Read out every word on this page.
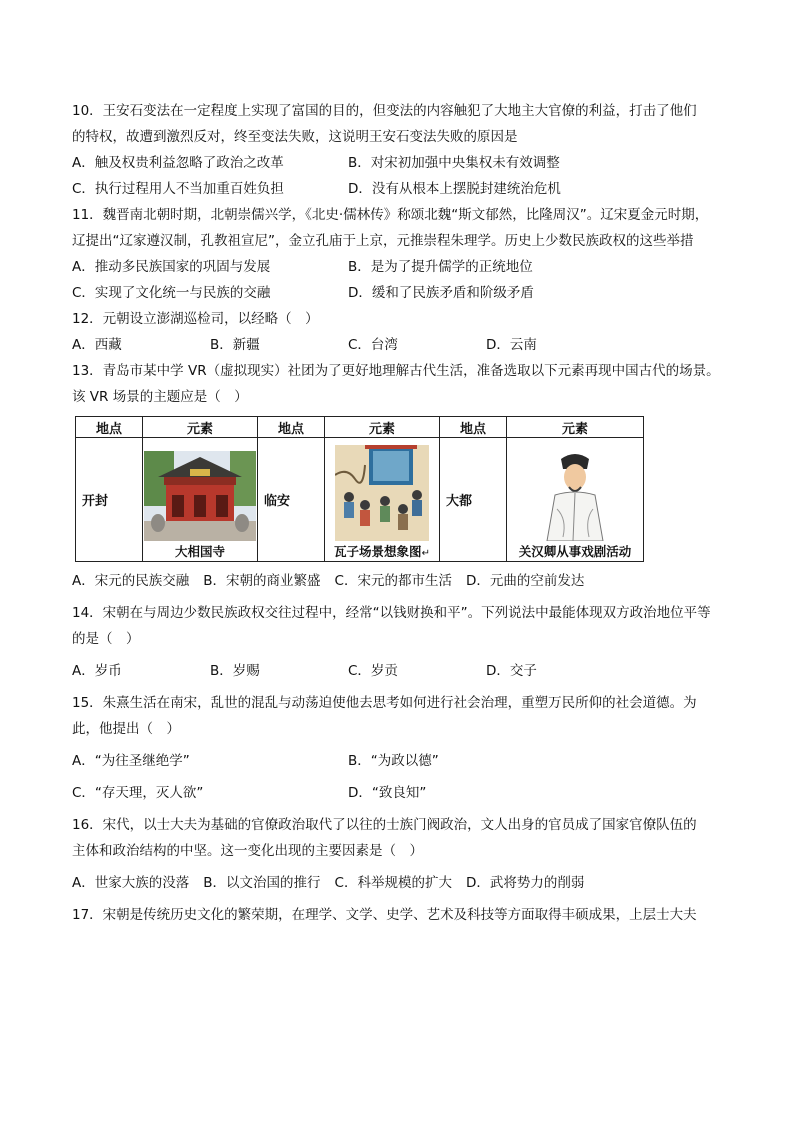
10．王安石变法在一定程度上实现了富国的目的，但变法的内容触犯了大地主大官僚的利益，打击了他们
的特权，故遭到激烈反对，终至变法失败，这说明王安石变法失败的原因是
A．触及权贵利益忽略了政治之改革	B．对宋初加强中央集权未有效调整
C．执行过程用人不当加重百姓负担	D．没有从根本上摆脱封建统治危机
11．魏晋南北朝时期，北朝崇儒兴学，《北史·儒林传》称颂北魏“斯文郁然，比隆周汉”。辽宋夏金元时期，
辽提出“辽家遵汉制，孔教祖宣尼”，金立孔庙于上京，元推崇程朱理学。历史上少数民族政权的这些举措
A．推动多民族国家的巩固与发展	B．是为了提升儒学的正统地位
C．实现了文化统一与民族的交融	D．缓和了民族矛盾和阶级矛盾
12．元朝设立澎湖巡检司，以经略（　）
A．西藏	B．新疆	C．台湾	D．云南
13．青岛市某中学 VR（虚拟现实）社团为了更好地理解古代生活，准备选取以下元素再现中国古代的场景。
该 VR 场景的主题应是（　）
地点	元素	地点	元素	地点	元素
开封	大相国寺	临安	瓦子场景想象图↵	大都	关汉卿从事戏剧活动
A．宋元的民族交融 B．宋朝的商业繁盛 C．宋元的都市生活 D．元曲的空前发达
14．宋朝在与周边少数民族政权交往过程中，经常“以钱财换和平”。下列说法中最能体现双方政治地位平等
的是（　）
A．岁币	B．岁赐	C．岁贡	D．交子
15．朱熹生活在南宋，乱世的混乱与动荡迫使他去思考如何进行社会治理，重塑万民所仰的社会道德。为
此，他提出（　）
A．“为往圣继绝学”	B．“为政以德”
C．“存天理，灭人欲”	D．“致良知”
16．宋代，以士大夫为基础的官僚政治取代了以往的士族门阀政治，文人出身的官员成了国家官僚队伍的
主体和政治结构的中坚。这一变化出现的主要因素是（　）
A．世家大族的没落 B．以文治国的推行 C．科举规模的扩大 D．武将势力的削弱
17．宋朝是传统历史文化的繁荣期，在理学、文学、史学、艺术及科技等方面取得丰硕成果，上层士大夫
